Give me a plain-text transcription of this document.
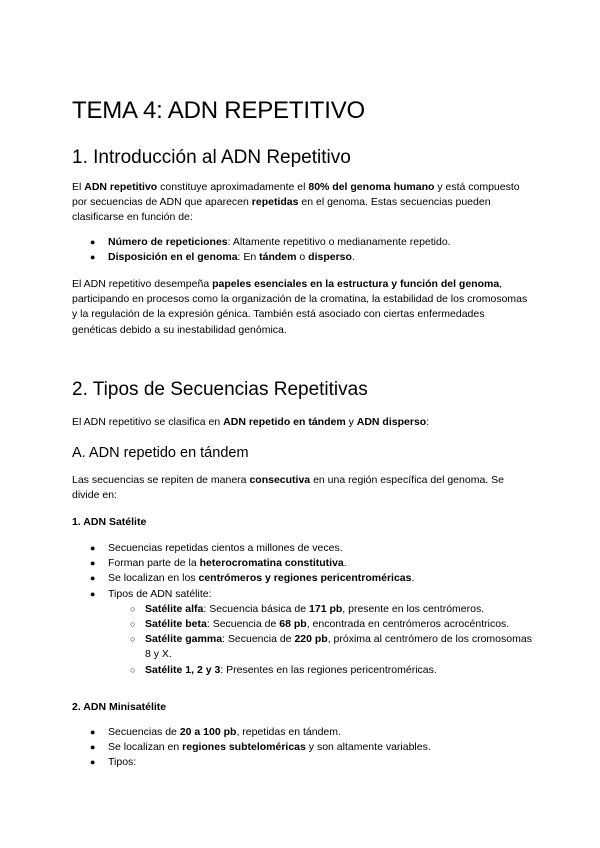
TEMA 4: ADN REPETITIVO
1. Introducción al ADN Repetitivo

El ADN repetitivo constituye aproximadamente el 80% del genoma humano y está compuesto por secuencias de ADN que aparecen repetidas en el genoma. Estas secuencias pueden clasificarse en función de:

● Número de repeticiones: Altamente repetitivo o medianamente repetido.
● Disposición en el genoma: En tándem o disperso.

El ADN repetitivo desempeña papeles esenciales en la estructura y función del genoma, participando en procesos como la organización de la cromatina, la estabilidad de los cromosomas y la regulación de la expresión génica. También está asociado con ciertas enfermedades genéticas debido a su inestabilidad genómica.

2. Tipos de Secuencias Repetitivas

El ADN repetitivo se clasifica en ADN repetido en tándem y ADN disperso:

A. ADN repetido en tándem

Las secuencias se repiten de manera consecutiva en una región específica del genoma. Se divide en:

1. ADN Satélite
● Secuencias repetidas cientos a millones de veces.
● Forman parte de la heterocromatina constitutiva.
● Se localizan en los centrómeros y regiones pericentroméricas.
● Tipos de ADN satélite:
○ Satélite alfa: Secuencia básica de 171 pb, presente en los centrómeros.
○ Satélite beta: Secuencia de 68 pb, encontrada en centrómeros acrocéntricos.
○ Satélite gamma: Secuencia de 220 pb, próxima al centrómero de los cromosomas 8 y X.
○ Satélite 1, 2 y 3: Presentes en las regiones pericentroméricas.
2. ADN Minisatélite
● Secuencias de 20 a 100 pb, repetidas en tándem.
● Se localizan en regiones subteloméricas y son altamente variables.
● Tipos:
